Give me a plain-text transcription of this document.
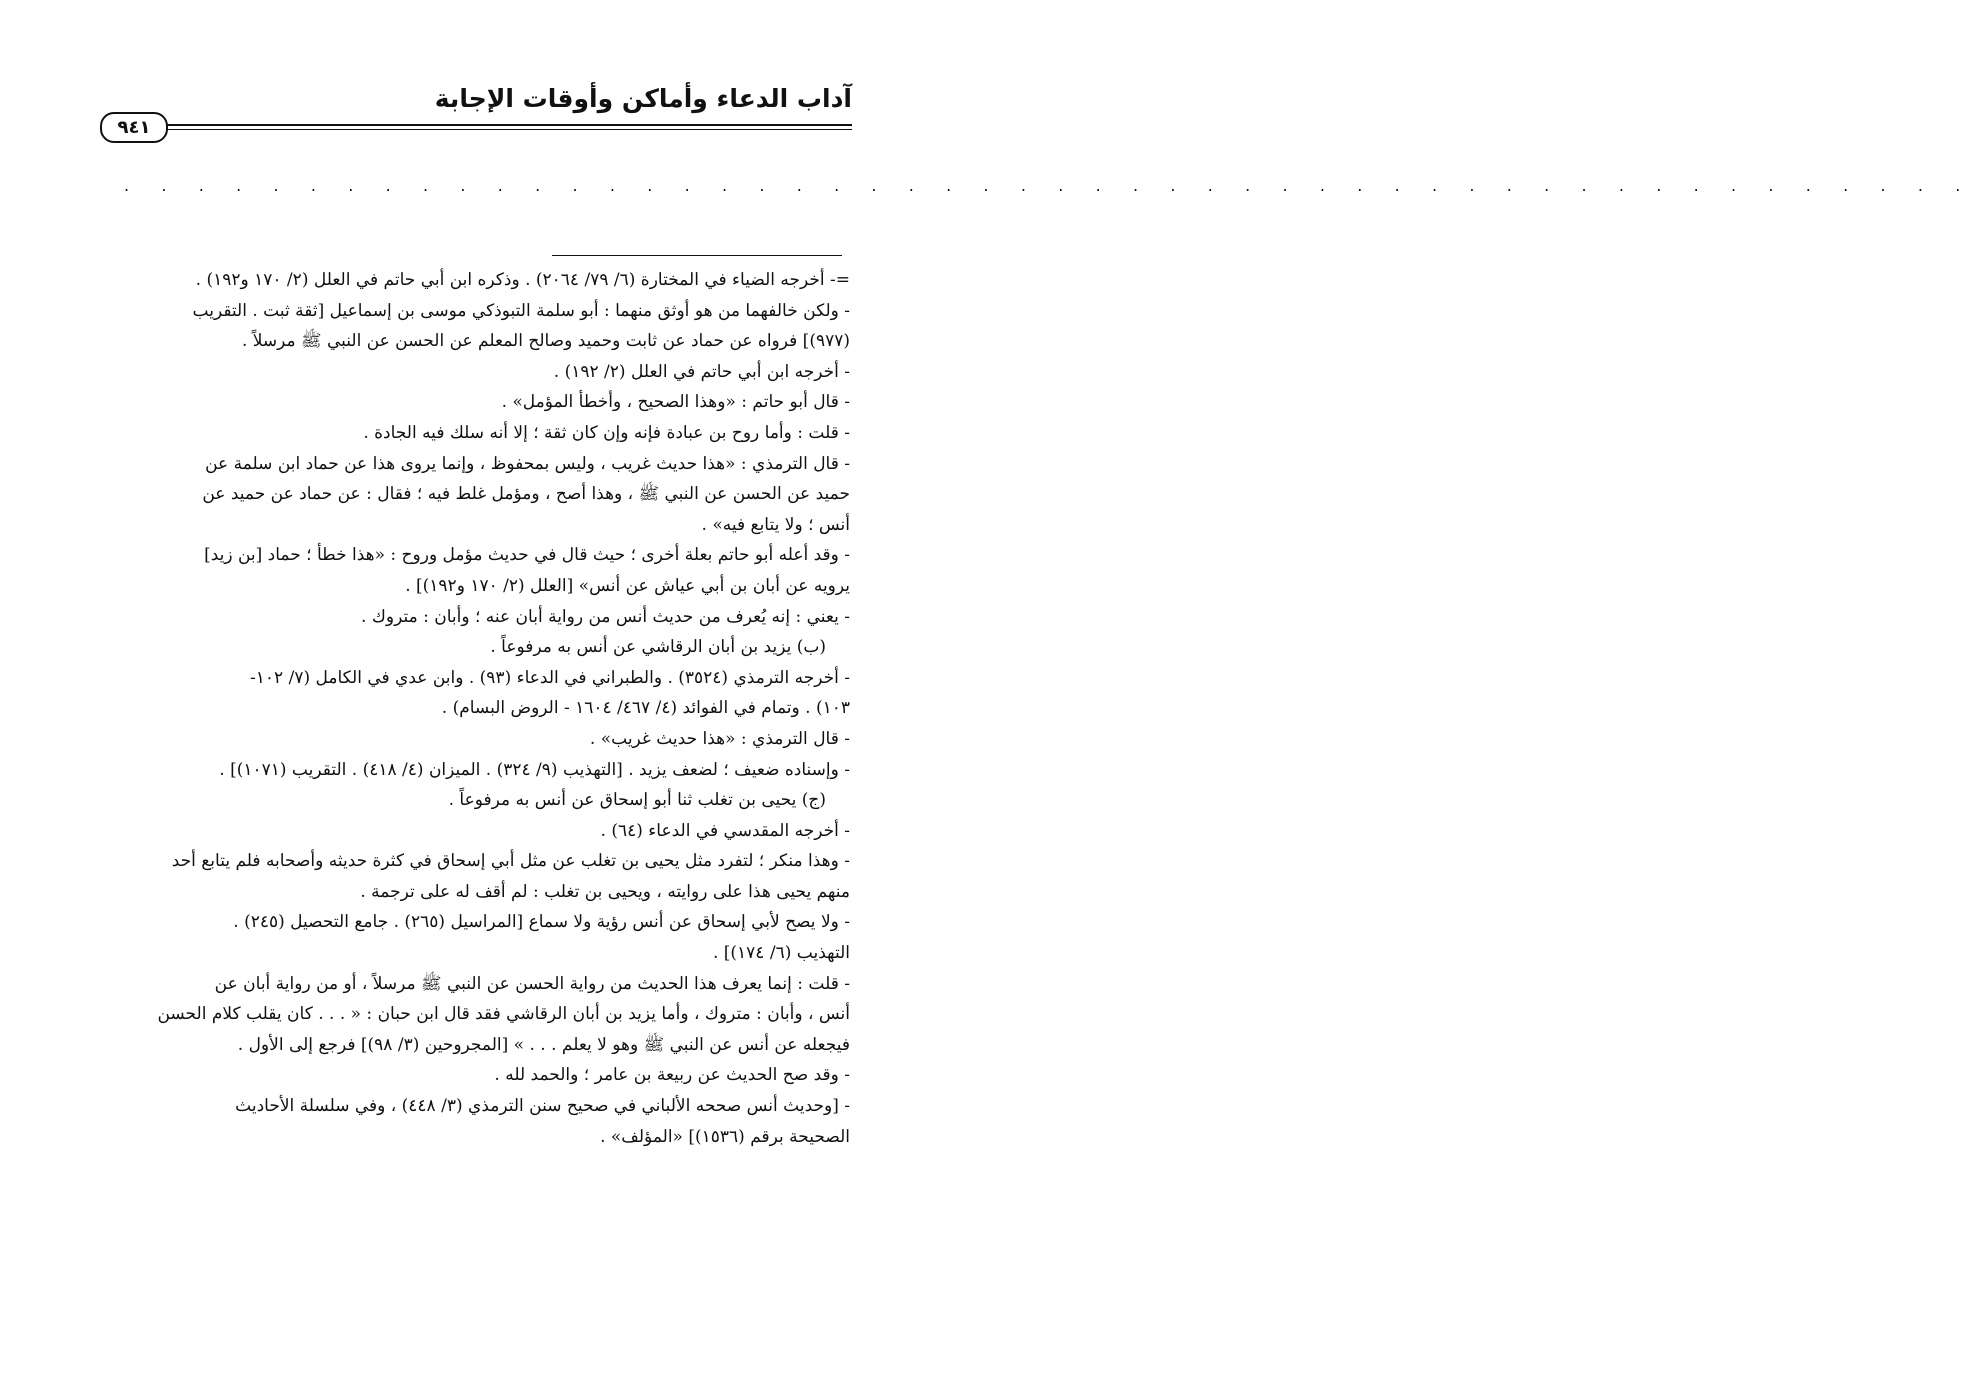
آداب الدعاء وأماكن وأوقات الإجابة
٩٤١
. . . . . . . . . . . . . . . . . . . . . . . . . . . . . . . . . . . . . . . . . . . . . . . . . .
=- أخرجه الضياء في المختارة (٦/ ٧٩/ ٢٠٦٤) . وذكره ابن أبي حاتم في العلل (٢/ ١٧٠ و١٩٢) .
- ولكن خالفهما من هو أوثق منهما : أبو سلمة التبوذكي موسى بن إسماعيل [ثقة ثبت . التقريب
(٩٧٧)] فرواه عن حماد عن ثابت وحميد وصالح المعلم عن الحسن عن النبي ﷺ مرسلاً .
- أخرجه ابن أبي حاتم في العلل (٢/ ١٩٢) .
- قال أبو حاتم : «وهذا الصحيح ، وأخطأ المؤمل» .
- قلت : وأما روح بن عبادة فإنه وإن كان ثقة ؛ إلا أنه سلك فيه الجادة .
- قال الترمذي : «هذا حديث غريب ، وليس بمحفوظ ، وإنما يروى هذا عن حماد ابن سلمة عن
حميد عن الحسن عن النبي ﷺ ، وهذا أصح ، ومؤمل غلط فيه ؛ فقال : عن حماد عن حميد عن
أنس ؛ ولا يتابع فيه» .
- وقد أعله أبو حاتم بعلة أخرى ؛ حيث قال في حديث مؤمل وروح : «هذا خطأ ؛ حماد [بن زيد]
يرويه عن أبان بن أبي عياش عن أنس» [العلل (٢/ ١٧٠ و١٩٢)] .
- يعني : إنه يُعرف من حديث أنس من رواية أبان عنه ؛ وأبان : متروك .
(ب) يزيد بن أبان الرقاشي عن أنس به مرفوعاً .
- أخرجه الترمذي (٣٥٢٤) . والطبراني في الدعاء (٩٣) . وابن عدي في الكامل (٧/ ١٠٢-
١٠٣) . وتمام في الفوائد (٤/ ٤٦٧/ ١٦٠٤ - الروض البسام) .
- قال الترمذي : «هذا حديث غريب» .
- وإسناده ضعيف ؛ لضعف يزيد . [التهذيب (٩/ ٣٢٤) . الميزان (٤/ ٤١٨) . التقريب (١٠٧١)] .
(ج) يحيى بن تغلب ثنا أبو إسحاق عن أنس به مرفوعاً .
- أخرجه المقدسي في الدعاء (٦٤) .
- وهذا منكر ؛ لتفرد مثل يحيى بن تغلب عن مثل أبي إسحاق في كثرة حديثه وأصحابه فلم يتابع أحد
منهم يحيى هذا على روايته ، ويحيى بن تغلب : لم أقف له على ترجمة .
- ولا يصح لأبي إسحاق عن أنس رؤية ولا سماع [المراسيل (٢٦٥) . جامع التحصيل (٢٤٥) .
التهذيب (٦/ ١٧٤)] .
- قلت : إنما يعرف هذا الحديث من رواية الحسن عن النبي ﷺ مرسلاً ، أو من رواية أبان عن
أنس ، وأبان : متروك ، وأما يزيد بن أبان الرقاشي فقد قال ابن حبان : « . . . كان يقلب كلام الحسن
فيجعله عن أنس عن النبي ﷺ وهو لا يعلم . . . » [المجروحين (٣/ ٩٨)] فرجع إلى الأول .
- وقد صح الحديث عن ربيعة بن عامر ؛ والحمد لله .
- [وحديث أنس صححه الألباني في صحيح سنن الترمذي (٣/ ٤٤٨) ، وفي سلسلة الأحاديث
الصحيحة برقم (١٥٣٦)] «المؤلف» .
